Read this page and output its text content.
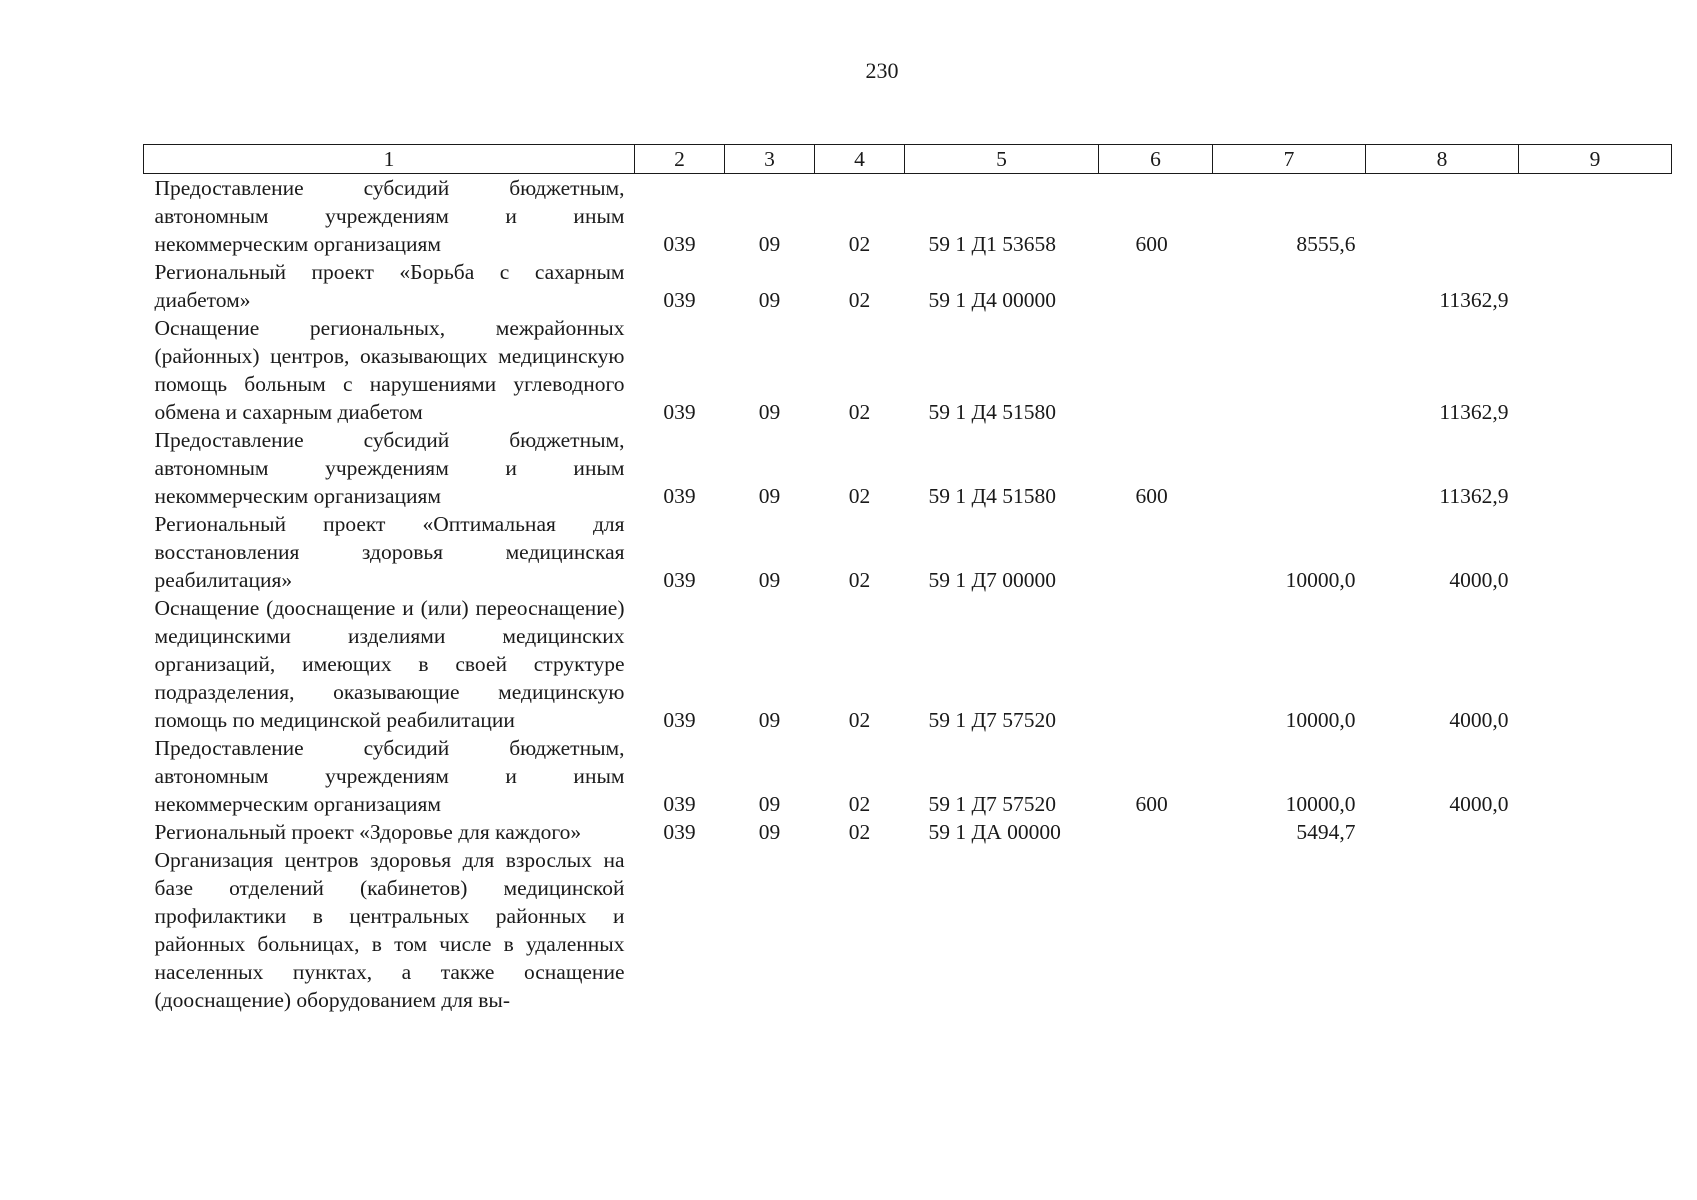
230
1	2	3	4	5	6	7	8	9
Предоставление субсидий бюджетным, автономным учреждениям и иным некоммерческим организациям	039	09	02	59 1 Д1 53658	600	8555,6		
Региональный проект «Борьба с сахарным диабетом»	039	09	02	59 1 Д4 00000			11362,9	
Оснащение региональных, межрайонных (районных) центров, оказывающих медицинскую помощь больным с нарушениями углеводного обмена и сахарным диабетом	039	09	02	59 1 Д4 51580			11362,9	
Предоставление субсидий бюджетным, автономным учреждениям и иным некоммерческим организациям	039	09	02	59 1 Д4 51580	600		11362,9	
Региональный проект «Оптимальная для восстановления здоровья медицинская реабилитация»	039	09	02	59 1 Д7 00000		10000,0	4000,0	
Оснащение (дооснащение и (или) переоснащение) медицинскими изделиями медицинских организаций, имеющих в своей структуре подразделения, оказывающие медицинскую помощь по медицинской реабилитации	039	09	02	59 1 Д7 57520		10000,0	4000,0	
Предоставление субсидий бюджетным, автономным учреждениям и иным некоммерческим организациям	039	09	02	59 1 Д7 57520	600	10000,0	4000,0	
Региональный проект «Здоровье для каждого»	039	09	02	59 1 ДА 00000		5494,7		
Организация центров здоровья для взрослых на базе отделений (кабинетов) медицинской профилактики в центральных районных и районных больницах, в том числе в удаленных населенных пунктах, а также оснащение (дооснащение) оборудованием для вы-								
